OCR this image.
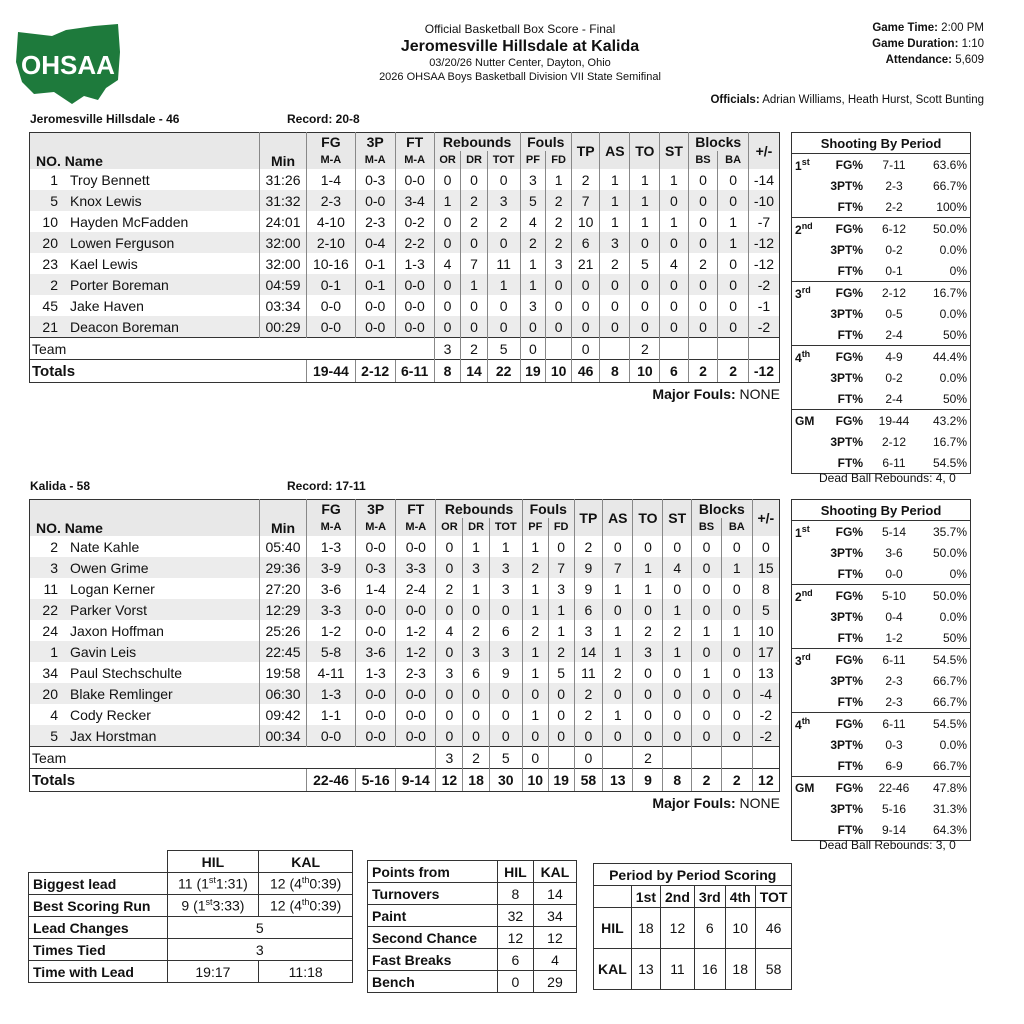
OHSAA
Official Basketball Box Score - Final
Jeromesville Hillsdale at Kalida
03/20/26 Nutter Center, Dayton, Ohio
2026 OHSAA Boys Basketball Division VII State Semifinal
Game Time: 2:00 PM
Game Duration: 1:10
Attendance: 5,609
Officials: Adrian Williams, Heath Hurst, Scott Bunting
Jeromesville Hillsdale - 46	Record: 20-8
NO. Name	Min	FG	3P	FT	Rebounds			Fouls		TP	AS	TO	ST	Blocks		+/-
		M-A	M-A	M-A	OR	DR	TOT	PF	FD					BS	BA	
1 Troy Bennett	31:26	1-4	0-3	0-0	0	0	0	3	1	2	1	1	1	0	0	-14
5 Knox Lewis	31:32	2-3	0-0	3-4	1	2	3	5	2	7	1	1	0	0	0	-10
10 Hayden McFadden	24:01	4-10	2-3	0-2	0	2	2	4	2	10	1	1	1	0	1	-7
20 Lowen Ferguson	32:00	2-10	0-4	2-2	0	0	0	2	2	6	3	0	0	0	1	-12
23 Kael Lewis	32:00	10-16	0-1	1-3	4	7	11	1	3	21	2	5	4	2	0	-12
2 Porter Boreman	04:59	0-1	0-1	0-0	0	1	1	1	0	0	0	0	0	0	0	-2
45 Jake Haven	03:34	0-0	0-0	0-0	0	0	0	3	0	0	0	0	0	0	0	-1
21 Deacon Boreman	00:29	0-0	0-0	0-0	0	0	0	0	0	0	0	0	0	0	0	-2
Team					3	2	5	0		0		2				
Totals		19-44	2-12	6-11	8	14	22	19	10	46	8	10	6	2	2	-12
Major Fouls: NONE
Shooting By Period			
1st	FG%	7-11	63.6%
	3PT%	2-3	66.7%
	FT%	2-2	100%
2nd	FG%	6-12	50.0%
	3PT%	0-2	0.0%
	FT%	0-1	0%
3rd	FG%	2-12	16.7%
	3PT%	0-5	0.0%
	FT%	2-4	50%
4th	FG%	4-9	44.4%
	3PT%	0-2	0.0%
	FT%	2-4	50%
GM	FG%	19-44	43.2%
	3PT%	2-12	16.7%
	FT%	6-11	54.5%
Dead Ball Rebounds: 4, 0
Kalida - 58	Record: 17-11
NO. Name	Min	FG	3P	FT	Rebounds			Fouls		TP	AS	TO	ST	Blocks		+/-
		M-A	M-A	M-A	OR	DR	TOT	PF	FD					BS	BA	
2 Nate Kahle	05:40	1-3	0-0	0-0	0	1	1	1	0	2	0	0	0	0	0	0
3 Owen Grime	29:36	3-9	0-3	3-3	0	3	3	2	7	9	7	1	4	0	1	15
11 Logan Kerner	27:20	3-6	1-4	2-4	2	1	3	1	3	9	1	1	0	0	0	8
22 Parker Vorst	12:29	3-3	0-0	0-0	0	0	0	1	1	6	0	0	1	0	0	5
24 Jaxon Hoffman	25:26	1-2	0-0	1-2	4	2	6	2	1	3	1	2	2	1	1	10
1 Gavin Leis	22:45	5-8	3-6	1-2	0	3	3	1	2	14	1	3	1	0	0	17
34 Paul Stechschulte	19:58	4-11	1-3	2-3	3	6	9	1	5	11	2	0	0	1	0	13
20 Blake Remlinger	06:30	1-3	0-0	0-0	0	0	0	0	0	2	0	0	0	0	0	-4
4 Cody Recker	09:42	1-1	0-0	0-0	0	0	0	1	0	2	1	0	0	0	0	-2
5 Jax Horstman	00:34	0-0	0-0	0-0	0	0	0	0	0	0	0	0	0	0	0	-2
Team					3	2	5	0		0		2				
Totals		22-46	5-16	9-14	12	18	30	10	19	58	13	9	8	2	2	12
Major Fouls: NONE
Shooting By Period			
1st	FG%	5-14	35.7%
	3PT%	3-6	50.0%
	FT%	0-0	0%
2nd	FG%	5-10	50.0%
	3PT%	0-4	0.0%
	FT%	1-2	50%
3rd	FG%	6-11	54.5%
	3PT%	2-3	66.7%
	FT%	2-3	66.7%
4th	FG%	6-11	54.5%
	3PT%	0-3	0.0%
	FT%	6-9	66.7%
GM	FG%	22-46	47.8%
	3PT%	5-16	31.3%
	FT%	9-14	64.3%
Dead Ball Rebounds: 3, 0
	HIL	KAL
Biggest lead	11 (1st1:31)	12 (4th0:39)
Best Scoring Run	9 (1st3:33)	12 (4th0:39)
Lead Changes	5	
Times Tied	3	
Time with Lead	19:17	11:18
Points from	HIL	KAL
Turnovers	8	14
Paint	32	34
Second Chance	12	12
Fast Breaks	6	4
Bench	0	29
Period by Period Scoring					
	1st	2nd	3rd	4th	TOT
HIL	18	12	6	10	46
KAL	13	11	16	18	58
